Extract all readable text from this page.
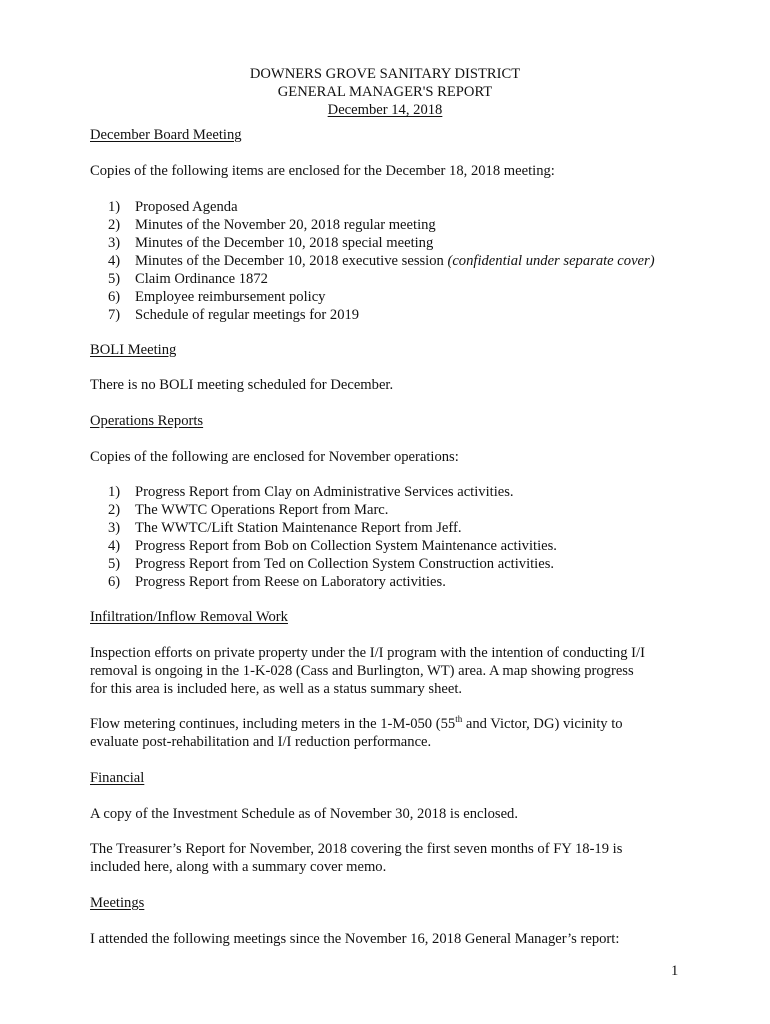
DOWNERS GROVE SANITARY DISTRICT
GENERAL MANAGER'S REPORT
December 14, 2018
December Board Meeting
Copies of the following items are enclosed for the December 18, 2018 meeting:
1) Proposed Agenda
2) Minutes of the November 20, 2018 regular meeting
3) Minutes of the December 10, 2018 special meeting
4) Minutes of the December 10, 2018 executive session (confidential under separate cover)
5) Claim Ordinance 1872
6) Employee reimbursement policy
7) Schedule of regular meetings for 2019
BOLI Meeting
There is no BOLI meeting scheduled for December.
Operations Reports
Copies of the following are enclosed for November operations:
1) Progress Report from Clay on Administrative Services activities.
2) The WWTC Operations Report from Marc.
3) The WWTC/Lift Station Maintenance Report from Jeff.
4) Progress Report from Bob on Collection System Maintenance activities.
5) Progress Report from Ted on Collection System Construction activities.
6) Progress Report from Reese on Laboratory activities.
Infiltration/Inflow Removal Work
Inspection efforts on private property under the I/I program with the intention of conducting I/I
removal is ongoing in the 1-K-028 (Cass and Burlington, WT) area. A map showing progress
for this area is included here, as well as a status summary sheet.
Flow metering continues, including meters in the 1-M-050 (55th and Victor, DG) vicinity to
evaluate post-rehabilitation and I/I reduction performance.
Financial
A copy of the Investment Schedule as of November 30, 2018 is enclosed.
The Treasurer’s Report for November, 2018 covering the first seven months of FY 18-19 is
included here, along with a summary cover memo.
Meetings
I attended the following meetings since the November 16, 2018 General Manager’s report:
1
